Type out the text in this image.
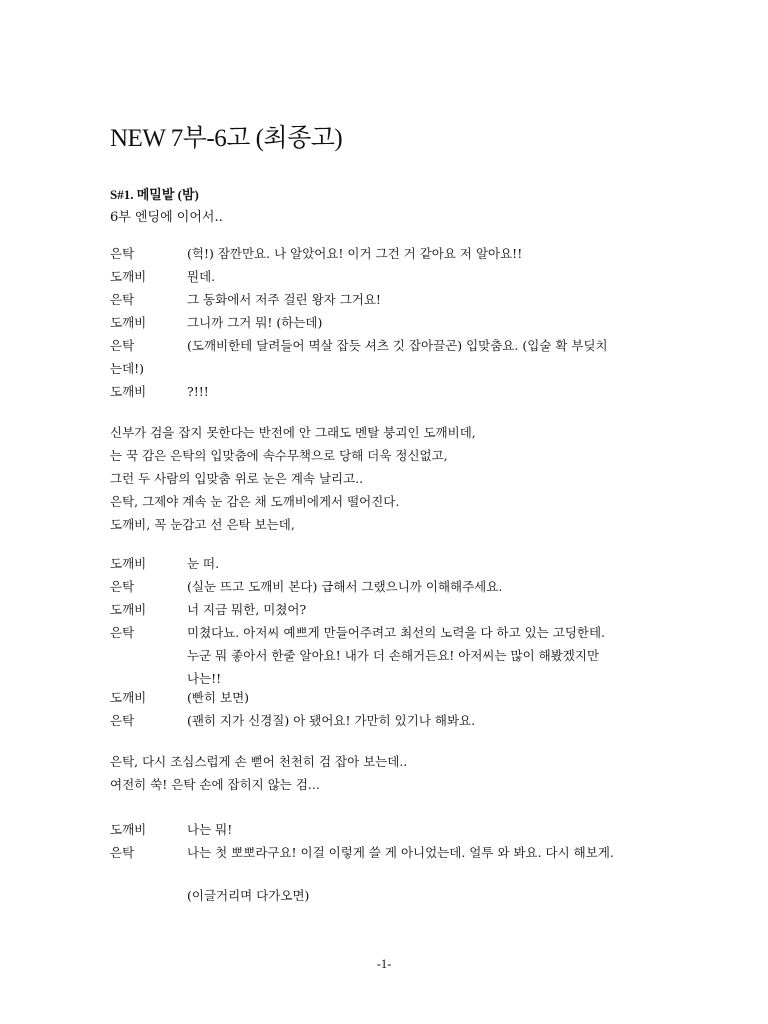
NEW 7부-6고 (최종고)
S#1. 메밀밭 (밤)
6부 엔딩에 이어서..
은탁	(헉!) 잠깐만요. 나 알았어요! 이거 그건 거 같아요 저 알아요!!
도깨비	뭔데.
은탁	그 동화에서 저주 걸린 왕자 그거요!
도깨비	그니까 그거 뭐! (하는데)
은탁	(도깨비한테 달려들어 멱살 잡듯 셔츠 깃 잡아끌곤) 입맞춤요. (입술 확 부딪치
는데!)
도깨비	?!!!
신부가 검을 잡지 못한다는 반전에 안 그래도 멘탈 붕괴인 도깨비데,
는 꾹 감은 은탁의 입맞춤에 속수무책으로 당해 더욱 정신없고,
그런 두 사람의 입맞춤 위로 눈은 계속 날리고..
은탁, 그제야 계속 눈 감은 채 도깨비에게서 떨어진다.
도깨비, 꼭 눈감고 선 은탁 보는데,
도깨비	눈 떠.
은탁	(실눈 뜨고 도깨비 본다) 급해서 그랬으니까 이해해주세요.
도깨비	너 지금 뭐한, 미쳤어?
은탁	미쳤다뇨. 아저씨 예쁘게 만들어주려고 최선의 노력을 다 하고 있는 고딩한테.
누군 뭐 좋아서 한줄 알아요! 내가 더 손해거든요! 아저씨는 많이 해봤겠지만
나는!!
도깨비	(빤히 보면)
은탁	(괜히 지가 신경질) 아 됐어요! 가만히 있기나 해봐요.
은탁, 다시 조심스럽게 손 뻗어 천천히 검 잡아 보는데..
여전히 쑥! 은탁 손에 잡히지 않는 검...
도깨비	나는 뭐!
은탁	나는 첫 뽀뽀라구요! 이걸 이렇게 쓸 게 아니었는데. 얼투 와 봐요. 다시 해보게.
(이글거리며 다가오면)
-1-
